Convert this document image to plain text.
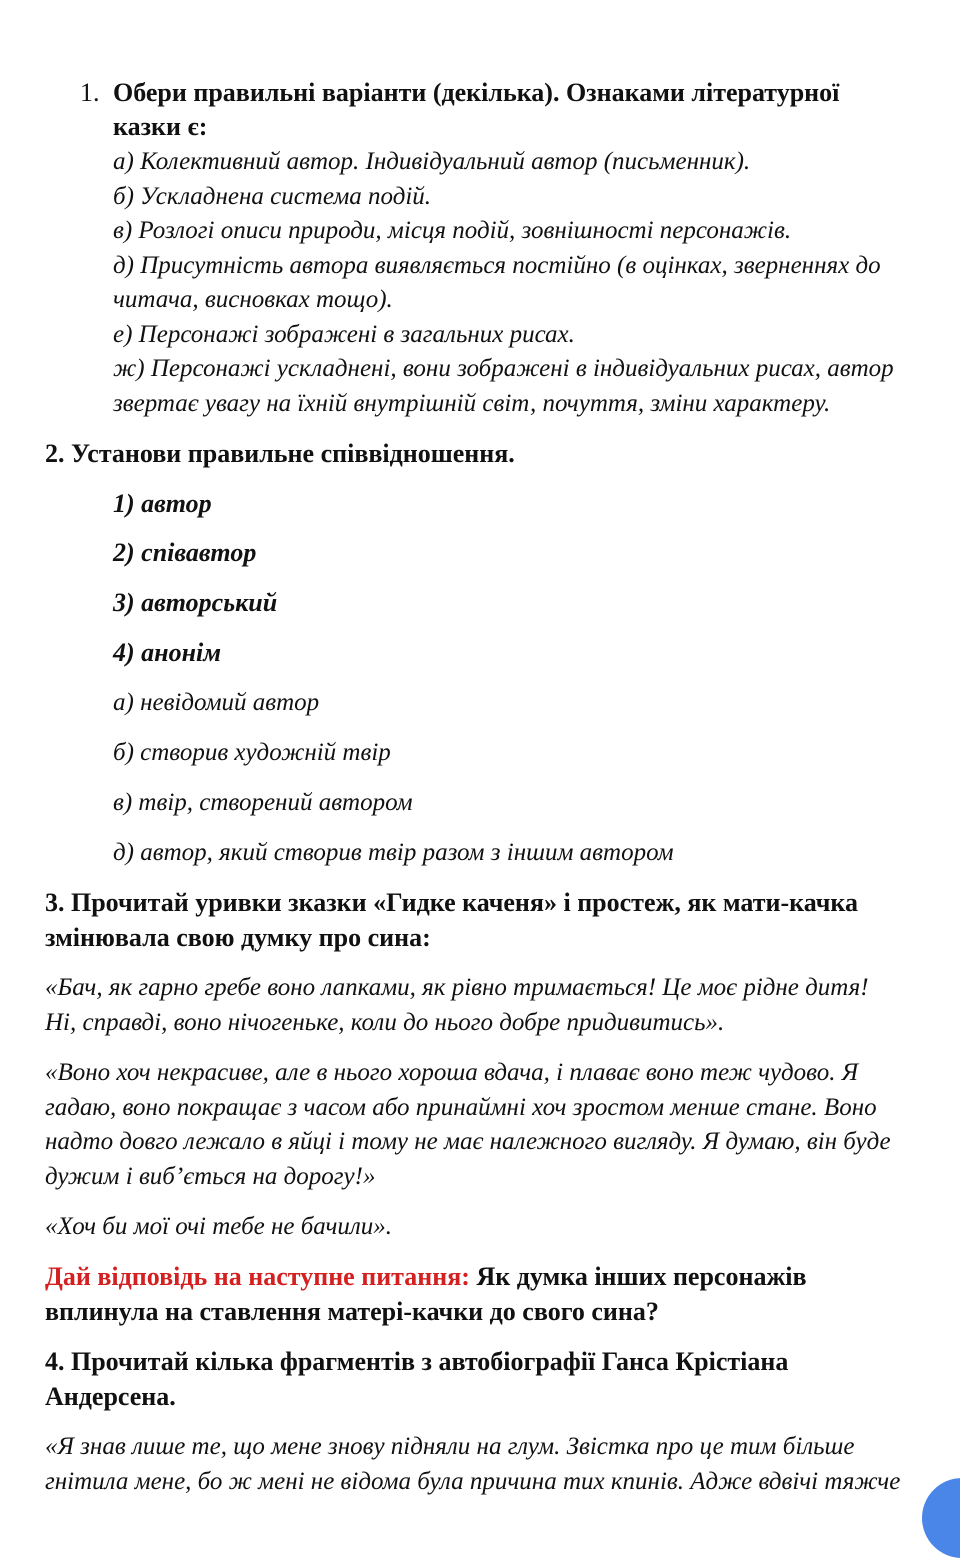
1. Обери правильні варіанти (декілька). Ознаками літературної
казки є:
а) Колективний автор. Індивідуальний автор (письменник).
б) Ускладнена система подій.
в) Розлогі описи природи, місця подій, зовнішності персонажів.
д) Присутність автора виявляється постійно (в оцінках, зверненнях до
читача, висновках тощо).
е) Персонажі зображені в загальних рисах.
ж) Персонажі ускладнені, вони зображені в індивідуальних рисах, автор
звертає увагу на їхній внутрішній світ, почуття, зміни характеру.
2. Установи правильне співвідношення.
1) автор
2) співавтор
3) авторський
4) анонім
а) невідомий автор
б) створив художній твір
в) твір, створений автором
д) автор, який створив твір разом з іншим автором
3. Прочитай уривки зказки «Гидке каченя» і простеж, як мати-качка
змінювала свою думку про сина:
«Бач, як гарно гребе воно лапками, як рівно тримається! Це моє рідне дитя!
Ні, справді, воно нічогеньке, коли до нього добре придивитись».
«Воно хоч некрасиве, але в нього хороша вдача, і плаває воно теж чудово. Я
гадаю, воно покращає з часом або принаймні хоч зростом менше стане. Воно
надто довго лежало в яйці і тому не має належного вигляду. Я думаю, він буде
дужим і виб’ється на дорогу!»
«Хоч би мої очі тебе не бачили».
Дай відповідь на наступне питання: Як думка інших персонажів
вплинула на ставлення матері-качки до свого сина?
4. Прочитай кілька фрагментів з автобіографії Ганса Крістіана
Андерсена.
«Я знав лише те, що мене знову підняли на глум. Звістка про це тим більше
гнітила мене, бо ж мені не відома була причина тих кпинів. Адже вдвічі тяжче
